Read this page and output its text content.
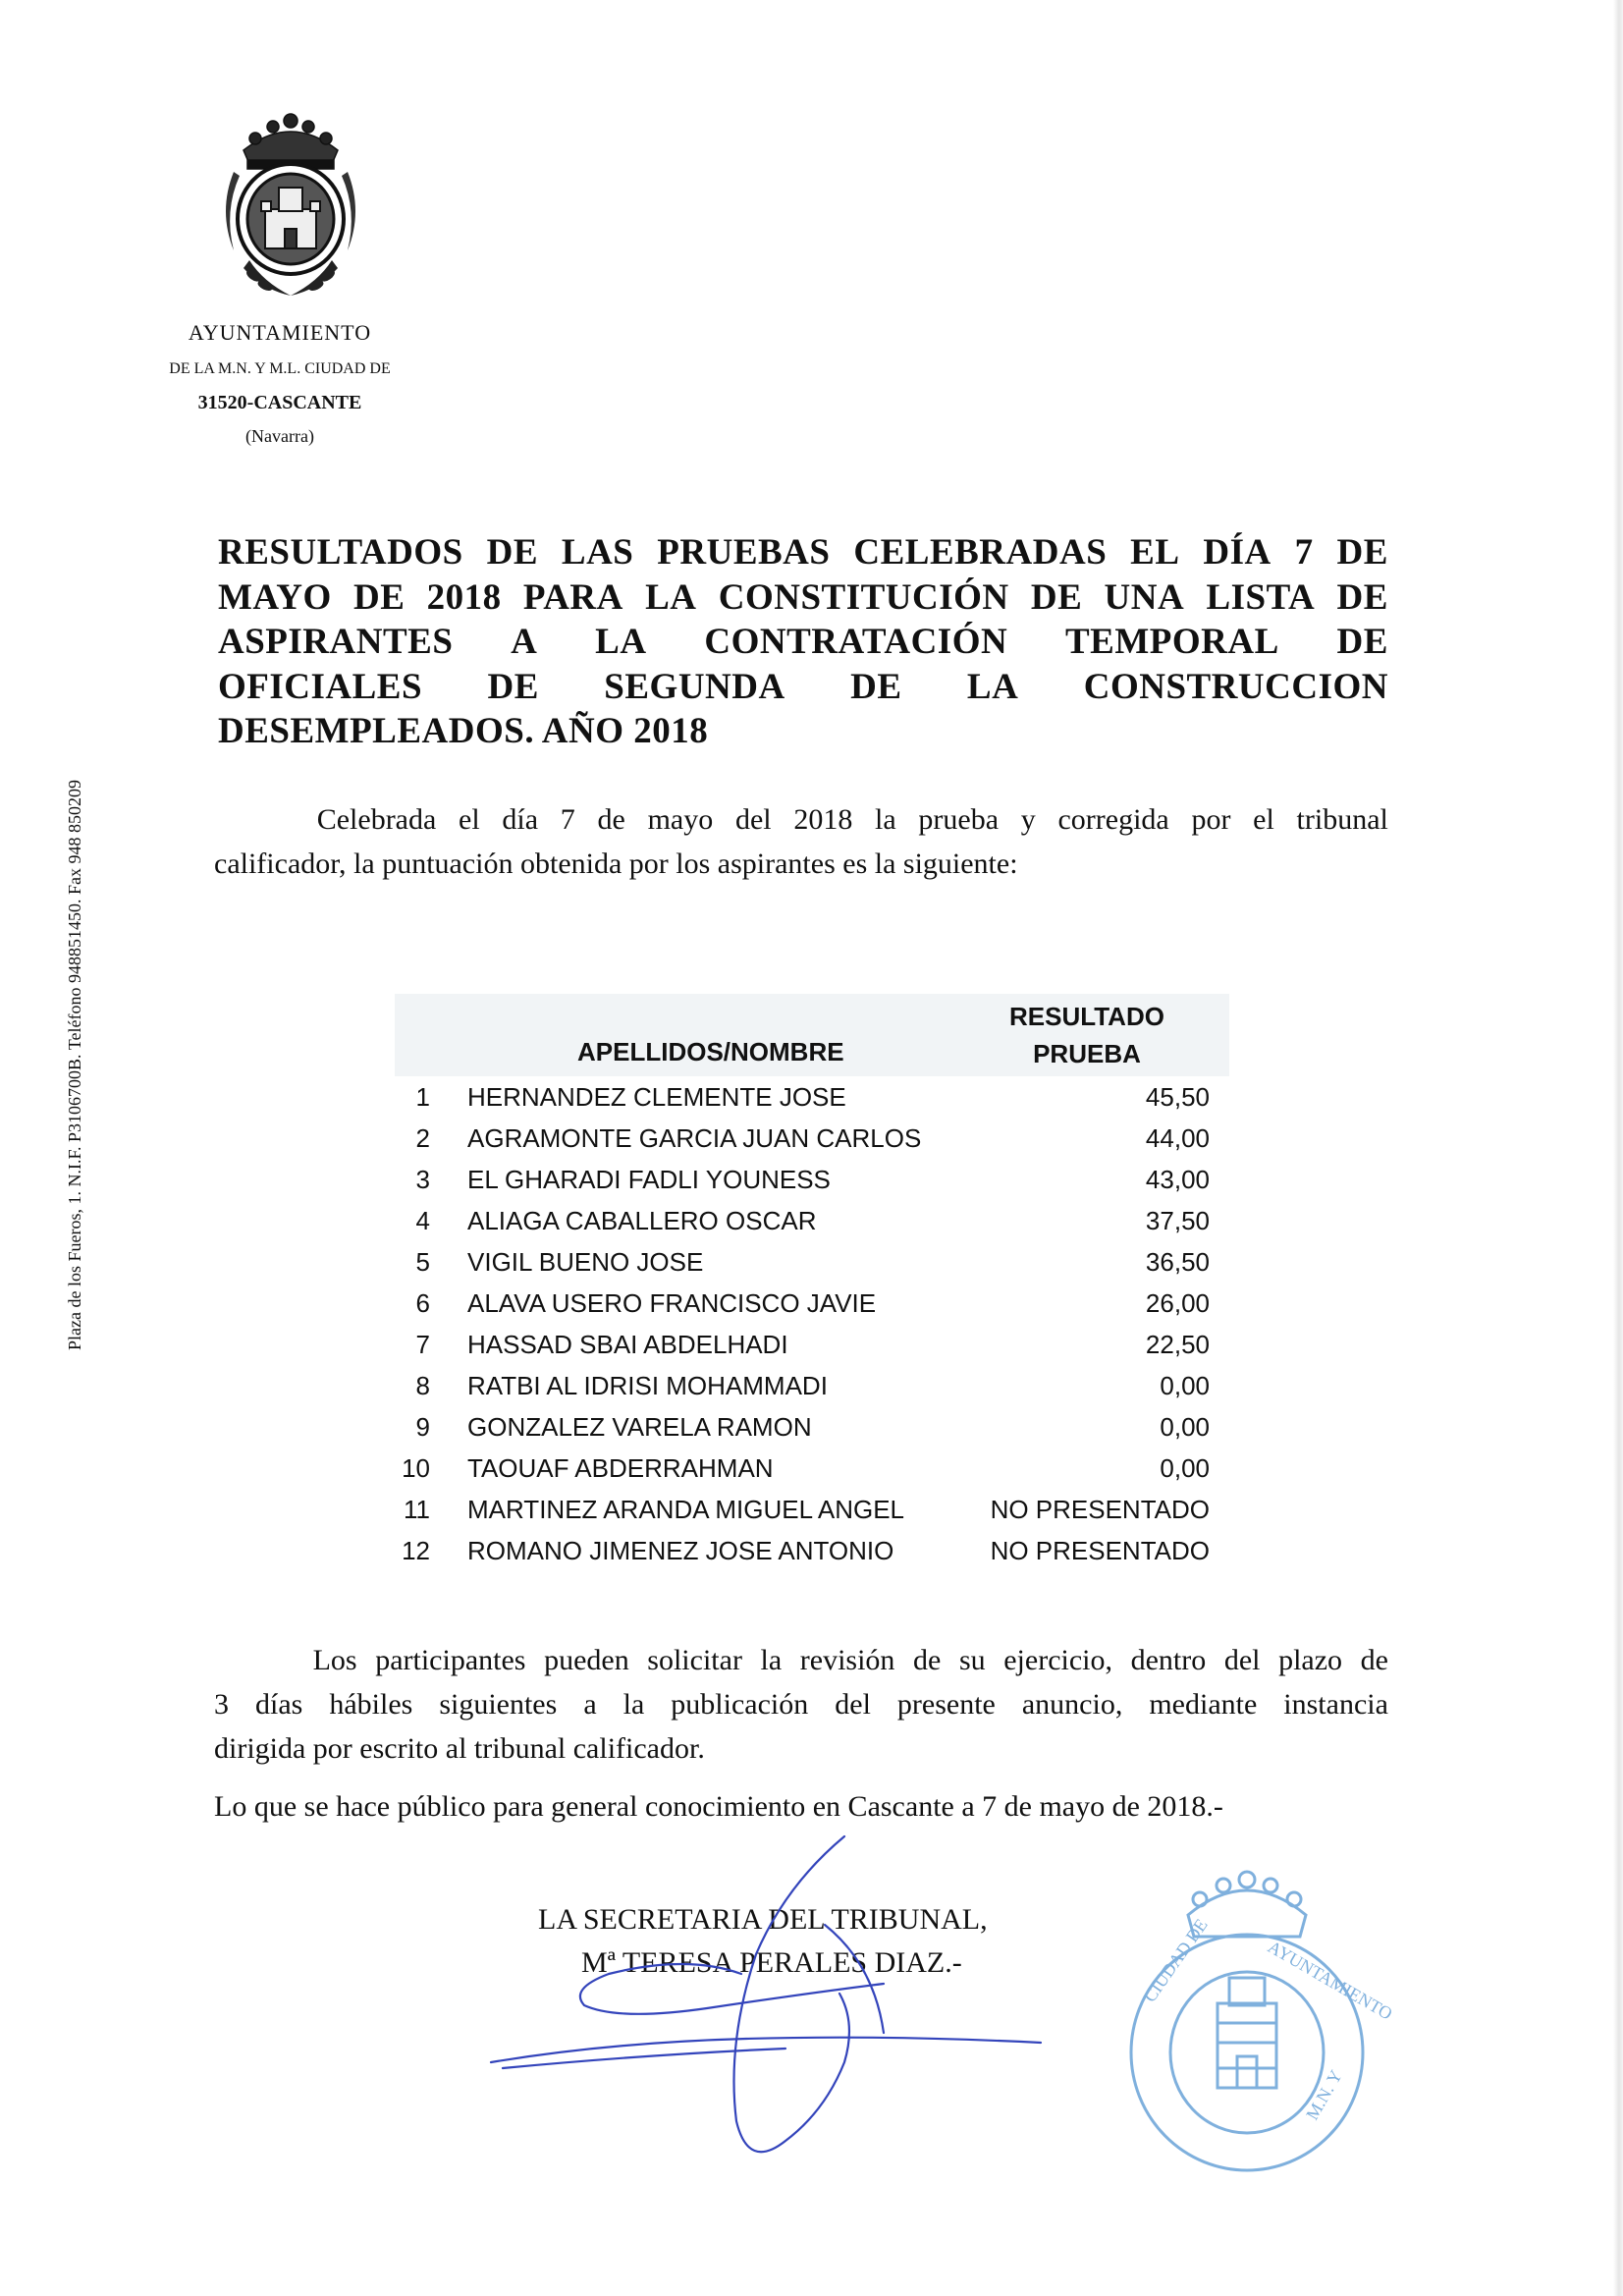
AYUNTAMIENTO
DE LA M.N. Y M.L. CIUDAD DE
31520-CASCANTE
(Navarra)
Plaza de los Fueros, 1. N.I.F. P3106700B. Teléfono 948851450. Fax 948 850209
RESULTADOS DE LAS PRUEBAS CELEBRADAS EL DÍA 7 DE
MAYO DE 2018 PARA LA CONSTITUCIÓN DE UNA LISTA DE
ASPIRANTES A LA CONTRATACIÓN TEMPORAL DE
OFICIALES DE SEGUNDA DE LA CONSTRUCCION
DESEMPLEADOS. AÑO 2018
Celebrada el día 7 de mayo del 2018 la prueba y corregida por el tribunal
calificador, la puntuación obtenida por los aspirantes es la siguiente:
APELLIDOS/NOMBRE
RESULTADO
PRUEBA
1 HERNANDEZ CLEMENTE JOSE	45,50
2 AGRAMONTE GARCIA JUAN CARLOS	44,00
3 EL GHARADI FADLI YOUNESS	43,00
4 ALIAGA CABALLERO OSCAR	37,50
5 VIGIL BUENO JOSE	36,50
6 ALAVA USERO FRANCISCO JAVIE	26,00
7 HASSAD SBAI ABDELHADI	22,50
8 RATBI AL IDRISI MOHAMMADI	0,00
9 GONZALEZ VARELA RAMON	0,00
10 TAOUAF ABDERRAHMAN	0,00
11 MARTINEZ ARANDA MIGUEL ANGEL	NO PRESENTADO
12 ROMANO JIMENEZ JOSE ANTONIO	NO PRESENTADO
Los participantes pueden solicitar la revisión de su ejercicio, dentro del plazo de
3 días hábiles siguientes a la publicación del presente anuncio, mediante instancia
dirigida por escrito al tribunal calificador.
Lo que se hace público para general conocimiento en Cascante a 7 de mayo de 2018.-
LA SECRETARIA DEL TRIBUNAL,
Mª TERESA PERALES DIAZ.-	CIUDAD DE	AYUNTAMIENTO
M.N. Y
